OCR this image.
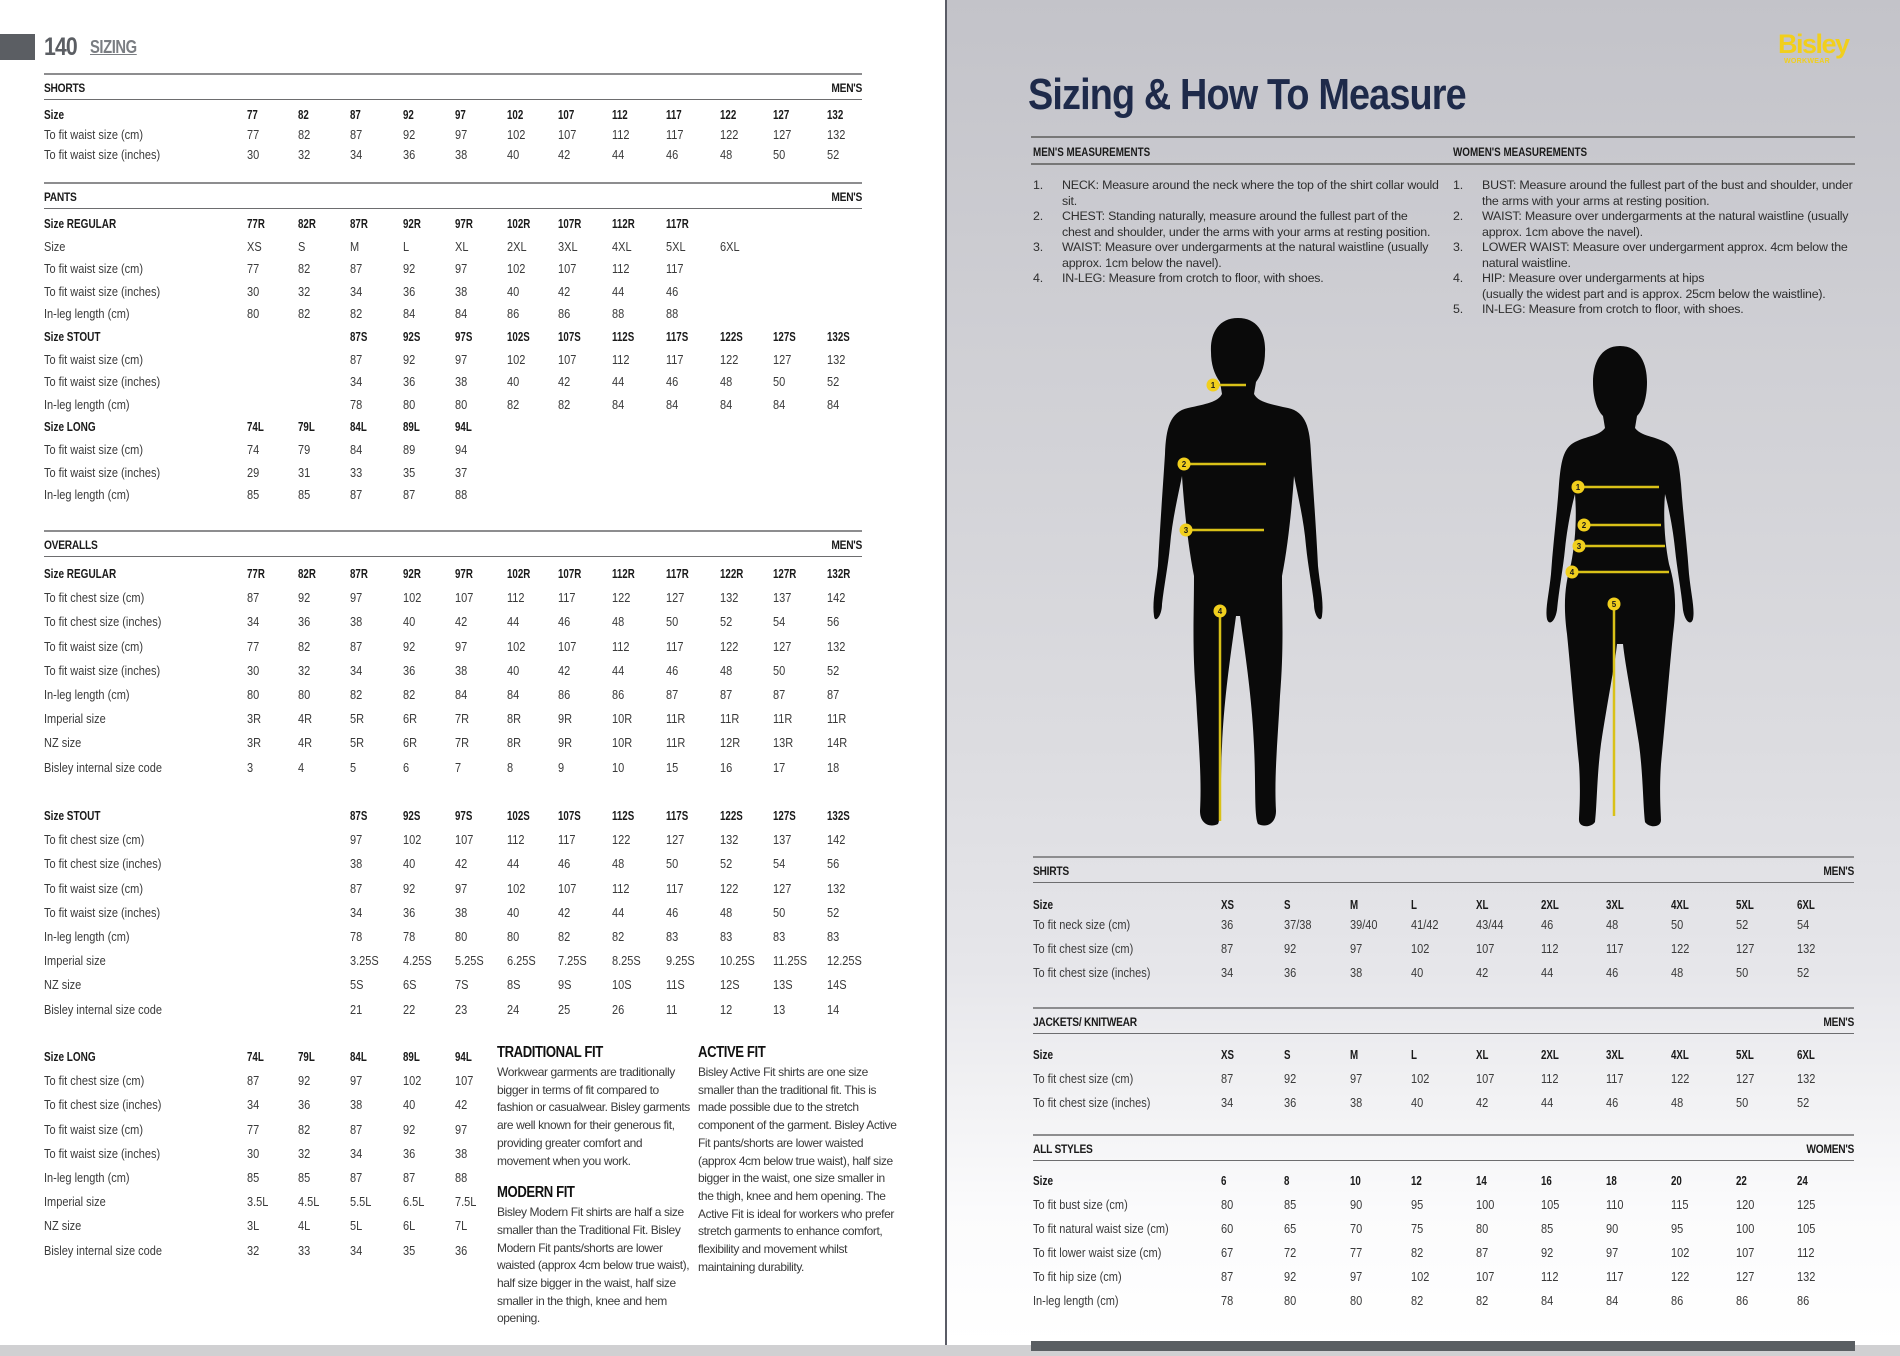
140 SIZING
SHORTS	MEN'S
Size	77	82	87	92	97	102	107	112	117	122	127	132
To fit waist size (cm)	77	82	87	92	97	102	107	112	117	122	127	132
To fit waist size (inches)	30	32	34	36	38	40	42	44	46	48	50	52
PANTS	MEN'S
Size REGULAR	77R	82R	87R	92R	97R	102R 107R 112R 117R
Size	XS	S	M	L	XL	2XL	3XL	4XL	5XL	6XL
To fit waist size (cm)	77	82	87	92	97	102	107	112	117
To fit waist size (inches)	30	32	34	36	38	40	42	44	46
In-leg length (cm)	80	82	82	84	84	86	86	88	88
Size STOUT	87S	92S	97S	102S 107S 112S	117S	122S 127S 132S
To fit waist size (cm)	87	92	97	102	107	112	117	122	127	132
To fit waist size (inches)	34	36	38	40	42	44	46	48	50	52
In-leg length (cm)	78	80	80	82	82	84	84	84	84	84
Size LONG	74L	79L	84L	89L	94L
To fit waist size (cm)	74	79	84	89	94
To fit waist size (inches)	29	31	33	35	37
In-leg length (cm)	85	85	87	87	88
OVERALLS	MEN'S
Size REGULAR	77R	82R	87R	92R	97R	102R 107R 112R 117R 122R 127R 132R
To fit chest size (cm)	87	92	97	102	107	112	117	122	127	132	137	142
To fit chest size (inches)	34	36	38	40	42	44	46	48	50	52	54	56
To fit waist size (cm)	77	82	87	92	97	102	107	112	117	122	127	132
To fit waist size (inches)	30	32	34	36	38	40	42	44	46	48	50	52
In-leg length (cm)	80	80	82	82	84	84	86	86	87	87	87	87
Imperial size	3R	4R	5R	6R	7R	8R	9R	10R	11R	11R	11R	11R
NZ size	3R	4R	5R	6R	7R	8R	9R	10R	11R	12R	13R	14R
Bisley internal size code	3	4	5	6	7	8	9	10	15	16	17	18
Size STOUT	87S	92S	97S	102S 107S 112S	117S	122S 127S 132S
To fit chest size (cm)	97	102	107	112	117	122	127	132	137	142
To fit chest size (inches)	38	40	42	44	46	48	50	52	54	56
To fit waist size (cm)	87	92	97	102	107	112	117	122	127	132
To fit waist size (inches)	34	36	38	40	42	44	46	48	50	52
In-leg length (cm)	78	78	80	80	82	82	83	83	83	83
Imperial size	3.25S 4.25S 5.25S 6.25S 7.25S 8.25S 9.25S 10.25S 11.25S 12.25S
NZ size	5S	6S	7S	8S	9S	10S	11S	12S	13S	14S
Bisley internal size code	21	22	23	24	25	26	11	12	13	14
Size LONG	74L	79L	84L	89L	94L
To fit chest size (cm)	87	92	97	102	107
To fit chest size (inches)	34	36	38	40	42
To fit waist size (cm)	77	82	87	92	97
To fit waist size (inches)	30	32	34	36	38
In-leg length (cm)	85	85	87	87	88
Imperial size	3.5L 4.5L 5.5L	6.5L 7.5L
NZ size	3L	4L	5L	6L	7L
Bisley internal size code	32	33	34	35	36
SHIRTS	MEN'S
Size	XS	S	M	L	XL	2XL	3XL	4XL	5XL	6XL
To fit neck size (cm)	36	37/38	39/40	41/42	43/44	46	48	50	52	54
To fit chest size (cm)	87	92	97	102	107	112	117	122	127	132
To fit chest size (inches)	34	36	38	40	42	44	46	48	50	52
JACKETS/ KNITWEAR	MEN'S
Size	XS	S	M	L	XL	2XL	3XL	4XL	5XL	6XL
To fit chest size (cm)	87	92	97	102	107	112	117	122	127	132
To fit chest size (inches)	34	36	38	40	42	44	46	48	50	52
ALL STYLES	WOMEN'S
Size	6	8	10	12	14	16	18	20	22	24
To fit bust size (cm)	80	85	90	95	100	105	110	115	120	125
To fit natural waist size (cm)	60	65	70	75	80	85	90	95	100	105
To fit lower waist size (cm)	67	72	77	82	87	92	97	102	107	112
To fit hip size (cm)	87	92	97	102	107	112	117	122	127	132
In-leg length (cm)	78	80	80	82	82	84	84	86	86	86
TRADITIONAL FIT

Workwear garments are traditionally bigger in terms of fit compared to fashion or casualwear. Bisley garments are well known for their generous fit, providing greater comfort and movement when you work.

MODERN FIT

Bisley Modern Fit shirts are half a size smaller than the Traditional Fit. Bisley Modern Fit pants/shorts are lower waisted (approx 4cm below true waist), half size bigger in the waist, half size smaller in the thigh, knee and hem opening.

ACTIVE FIT

Bisley Active Fit shirts are one size smaller than the traditional fit. This is made possible due to the stretch component of the garment. Bisley Active Fit pants/shorts are lower waisted (approx 4cm below true waist), half size bigger in the waist, one size smaller in the thigh, knee and hem opening. The Active Fit is ideal for workers who prefer stretch garments to enhance comfort, flexibility and movement whilst maintaining durability.

Bisley
WORKWEAR
Sizing & How To Measure
MEN'S MEASUREMENTS	WOMEN'S MEASUREMENTS
1. NECK: Measure around the neck where the top of the shirt collar would sit.
2. CHEST: Standing naturally, measure around the fullest part of the chest and shoulder, under the arms with your arms at resting position.
3. WAIST: Measure over undergarments at the natural waistline (usually approx. 1cm below the navel).
4. IN-LEG: Measure from crotch to floor, with shoes.
1. BUST: Measure around the fullest part of the bust and shoulder, under the arms with your arms at resting position.
2. WAIST: Measure over undergarments at the natural waistline (usually approx. 1cm above the navel).
3. LOWER WAIST: Measure over undergarment approx. 4cm below the natural waistline.
4. HIP: Measure over undergarments at hips
(usually the widest part and is approx. 25cm below the waistline).
5. IN-LEG: Measure from crotch to floor, with shoes.
1
2
3
4
1
2
3
4
5
